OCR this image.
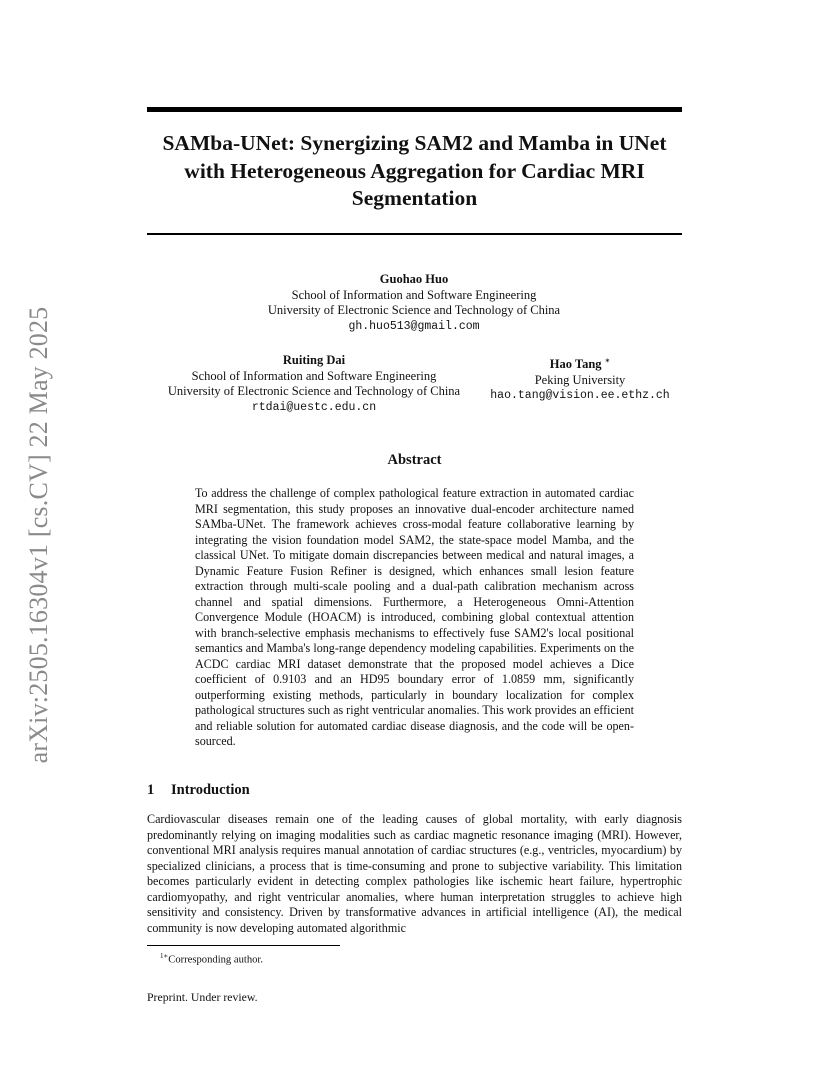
arXiv:2505.16304v1 [cs.CV] 22 May 2025
SAMba-UNet: Synergizing SAM2 and Mamba in UNet with Heterogeneous Aggregation for Cardiac MRI Segmentation
Guohao Huo
School of Information and Software Engineering
University of Electronic Science and Technology of China
gh.huo513@gmail.com
Ruiting Dai
School of Information and Software Engineering
University of Electronic Science and Technology of China
rtdai@uestc.edu.cn
Hao Tang ∗
Peking University
hao.tang@vision.ee.ethz.ch
Abstract

To address the challenge of complex pathological feature extraction in automated cardiac MRI segmentation, this study proposes an innovative dual-encoder architecture named SAMba-UNet. The framework achieves cross-modal feature collaborative learning by integrating the vision foundation model SAM2, the state-space model Mamba, and the classical UNet. To mitigate domain discrepancies between medical and natural images, a Dynamic Feature Fusion Refiner is designed, which enhances small lesion feature extraction through multi-scale pooling and a dual-path calibration mechanism across channel and spatial dimensions. Furthermore, a Heterogeneous Omni-Attention Convergence Module (HOACM) is introduced, combining global contextual attention with branch-selective emphasis mechanisms to effectively fuse SAM2's local positional semantics and Mamba's long-range dependency modeling capabilities. Experiments on the ACDC cardiac MRI dataset demonstrate that the proposed model achieves a Dice coefficient of 0.9103 and an HD95 boundary error of 1.0859 mm, significantly outperforming existing methods, particularly in boundary localization for complex pathological structures such as right ventricular anomalies. This work provides an efficient and reliable solution for automated cardiac disease diagnosis, and the code will be open-sourced.

1 Introduction

Cardiovascular diseases remain one of the leading causes of global mortality, with early diagnosis predominantly relying on imaging modalities such as cardiac magnetic resonance imaging (MRI). However, conventional MRI analysis requires manual annotation of cardiac structures (e.g., ventricles, myocardium) by specialized clinicians, a process that is time-consuming and prone to subjective variability. This limitation becomes particularly evident in detecting complex pathologies like ischemic heart failure, hypertrophic cardiomyopathy, and right ventricular anomalies, where human interpretation struggles to achieve high sensitivity and consistency. Driven by transformative advances in artificial intelligence (AI), the medical community is now developing automated algorithmic

$^{1∗}$Corresponding author.
Preprint. Under review.
